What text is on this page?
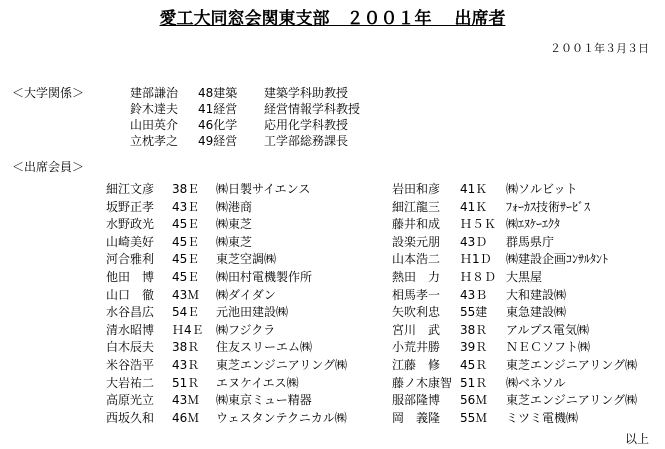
愛工大同窓会関東支部　２００１年　 出席者
２００１年３月３日
＜大学関係＞	建部謙治 48建築 建築学科助教授
鈴木達夫 41経営 経営情報学科教授
山田英介 46化学 応用化学科教授
立枕孝之 49経営 工学部総務課長
＜出席会員＞
細江文彦 38Ｅ ㈱日製サイエンス
坂野正孝 43Ｅ ㈱港商
水野政光 45Ｅ ㈱東芝
山崎美好 45Ｅ ㈱東芝
河合雅利 45Ｅ 東芝空調㈱
他田　博 45Ｅ ㈱田村電機製作所
山口　徹 43Ｍ ㈱ダイダン
水谷昌広 54Ｅ 元池田建設㈱
清水昭博 Ｈ4Ｅ ㈱フジクラ
白木辰夫 38Ｒ 住友スリーエム㈱
米谷浩平 43Ｒ 東芝エンジニアリング㈱
大岩祐二 51Ｒ エヌケイエス㈱
高原光立 43Ｍ ㈱東京ミュー精器
西坂久和 46Ｍ ウェスタンテクニカル㈱
岩田和彦 41Ｋ ㈱ソルビット
細江龍三 41Ｋ ﾌｫｰｶｽ技術ｻｰﾋﾞｽ
藤井和成 Ｈ５Ｋ ㈱ｴﾇｹｰｴｸﾀ
設楽元朋 43Ｄ 群馬県庁
山本浩二 Ｈ1Ｄ ㈱建設企画ｺﾝｻﾙﾀﾝﾄ
熱田　力 Ｈ８Ｄ 大黒屋
相馬孝一 43Ｂ 大和建設㈱
矢吹利忠 55建 東急建設㈱
宮川　武 38Ｒ アルプス電気㈱
小荒井勝 39Ｒ ＮＥＣソフト㈱
江藤　修 45Ｒ 東芝エンジニアリング㈱
藤ノ木康智 51Ｒ ㈱ベネソル
服部隆博 56Ｍ 東芝エンジニアリング㈱
岡　義隆 55Ｍ ミツミ電機㈱
以上
